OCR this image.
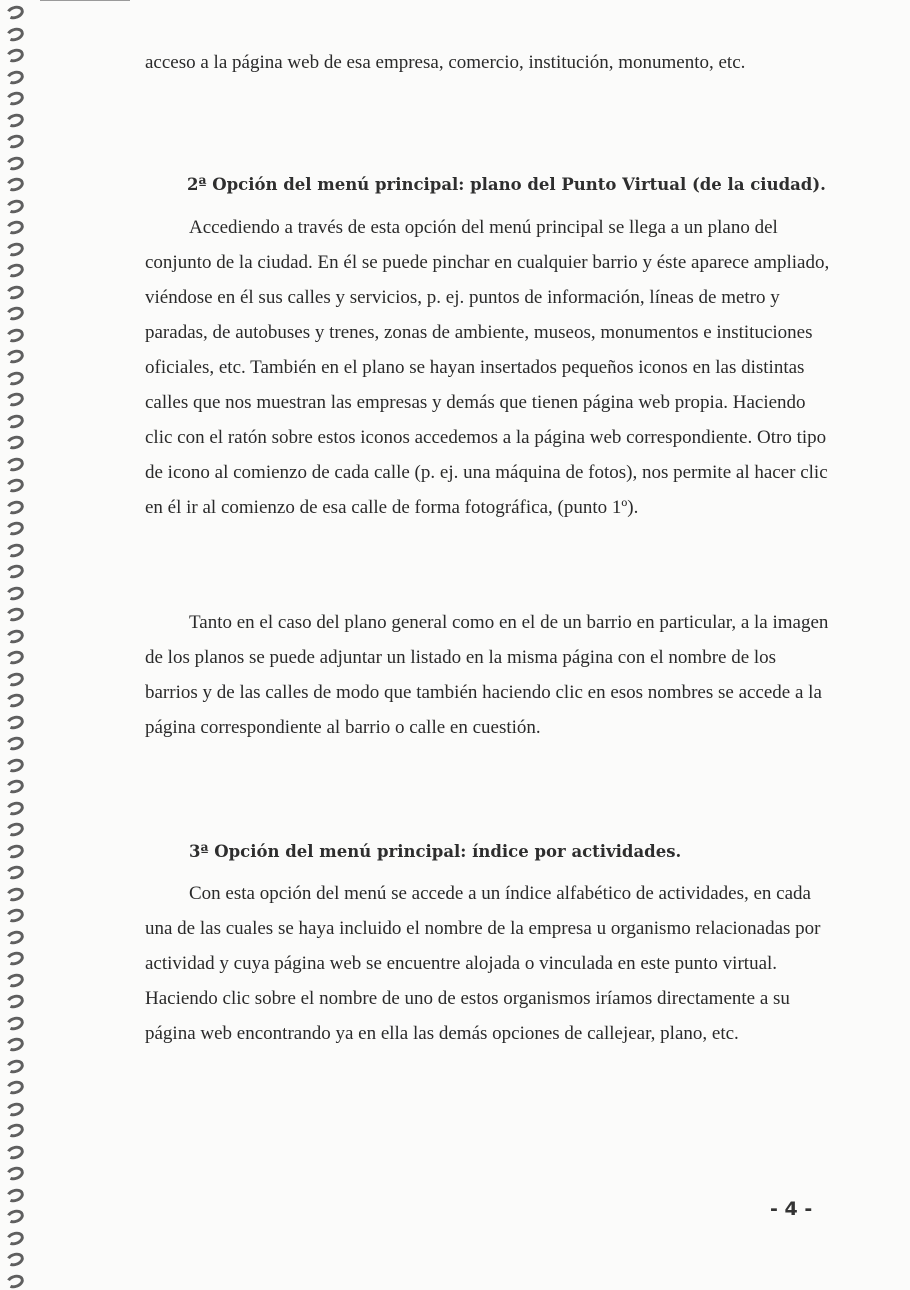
acceso a la página web de esa empresa, comercio, institución, monumento, etc.

2ª Opción del menú principal: plano del Punto Virtual (de la ciudad).

Accediendo a través de esta opción del menú principal se llega a un plano del conjunto de la ciudad. En él se puede pinchar en cualquier barrio y éste aparece ampliado, viéndose en él sus calles y servicios, p. ej. puntos de información, líneas de metro y paradas, de autobuses y trenes, zonas de ambiente, museos, monumentos e instituciones oficiales, etc. También en el plano se hayan insertados pequeños iconos en las distintas calles que nos muestran las empresas y demás que tienen página web propia. Haciendo clic con el ratón sobre estos iconos accedemos a la página web correspondiente. Otro tipo de icono al comienzo de cada calle (p. ej. una máquina de fotos), nos permite al hacer clic en él ir al comienzo de esa calle de forma fotográfica, (punto 1º).

Tanto en el caso del plano general como en el de un barrio en particular, a la imagen de los planos se puede adjuntar un listado en la misma página con el nombre de los barrios y de las calles de modo que también haciendo clic en esos nombres se accede a la página correspondiente al barrio o calle en cuestión.

3ª Opción del menú principal: índice por actividades.

Con esta opción del menú se accede a un índice alfabético de actividades, en cada una de las cuales se haya incluido el nombre de la empresa u organismo relacionadas por actividad y cuya página web se encuentre alojada o vinculada en este punto virtual. Haciendo clic sobre el nombre de uno de estos organismos iríamos directamente a su página web encontrando ya en ella las demás opciones de callejear, plano, etc.

- 4 -
